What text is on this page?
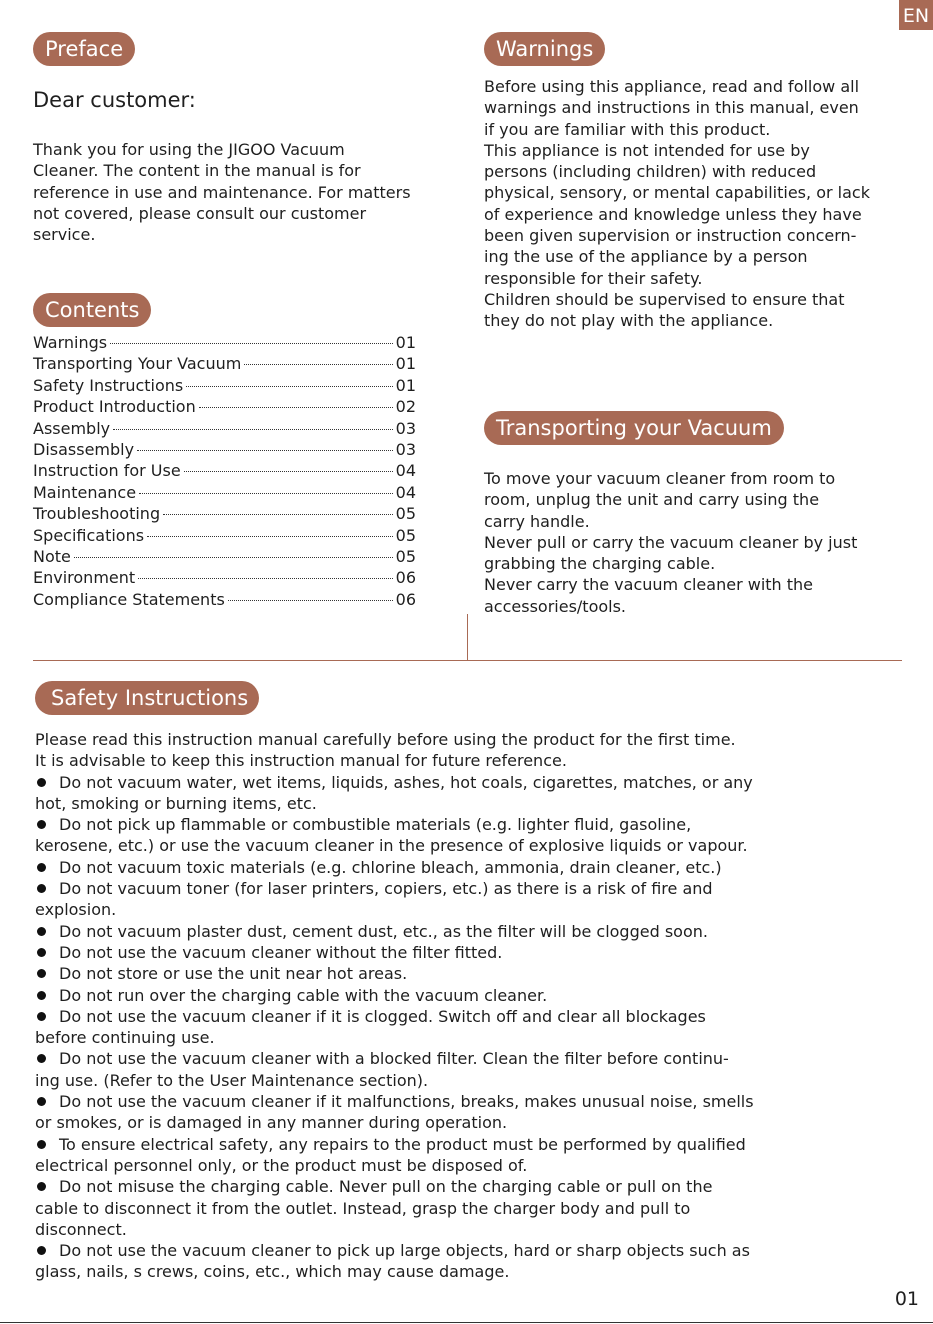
EN
Preface
Dear customer:
Thank you for using the JIGOO Vacuum
Cleaner. The content in the manual is for
reference in use and maintenance. For matters
not covered, please consult our customer
service.
Contents
Warnings	01
Transporting Your Vacuum	01
Safety Instructions	01
Product Introduction	02
Assembly	03
Disassembly	03
Instruction for Use	04
Maintenance	04
Troubleshooting	05
Specifications	05
Note	05
Environment	06
Compliance Statements	06
Warnings
Before using this appliance, read and follow all
warnings and instructions in this manual, even
if you are familiar with this product.
This appliance is not intended for use by
persons (including children) with reduced
physical, sensory, or mental capabilities, or lack
of experience and knowledge unless they have
been given supervision or instruction concern-
ing the use of the appliance by a person
responsible for their safety.
Children should be supervised to ensure that
they do not play with the appliance.
Transporting your Vacuum
To move your vacuum cleaner from room to
room, unplug the unit and carry using the
carry handle.
Never pull or carry the vacuum cleaner by just
grabbing the charging cable.
Never carry the vacuum cleaner with the
accessories/tools.
Safety Instructions
Please read this instruction manual carefully before using the product for the first time.
It is advisable to keep this instruction manual for future reference.
Do not vacuum water, wet items, liquids, ashes, hot coals, cigarettes, matches, or any
hot, smoking or burning items, etc.
Do not pick up flammable or combustible materials (e.g. lighter fluid, gasoline,
kerosene, etc.) or use the vacuum cleaner in the presence of explosive liquids or vapour.
Do not vacuum toxic materials (e.g. chlorine bleach, ammonia, drain cleaner, etc.)
Do not vacuum toner (for laser printers, copiers, etc.) as there is a risk of fire and
explosion.
Do not vacuum plaster dust, cement dust, etc., as the filter will be clogged soon.
Do not use the vacuum cleaner without the filter fitted.
Do not store or use the unit near hot areas.
Do not run over the charging cable with the vacuum cleaner.
Do not use the vacuum cleaner if it is clogged. Switch off and clear all blockages
before continuing use.
Do not use the vacuum cleaner with a blocked filter. Clean the filter before continu-
ing use. (Refer to the User Maintenance section).
Do not use the vacuum cleaner if it malfunctions, breaks, makes unusual noise, smells
or smokes, or is damaged in any manner during operation.
To ensure electrical safety, any repairs to the product must be performed by qualified
electrical personnel only, or the product must be disposed of.
Do not misuse the charging cable. Never pull on the charging cable or pull on the
cable to disconnect it from the outlet. Instead, grasp the charger body and pull to
disconnect.
Do not use the vacuum cleaner to pick up large objects, hard or sharp objects such as
glass, nails, s crews, coins, etc., which may cause damage.
01
